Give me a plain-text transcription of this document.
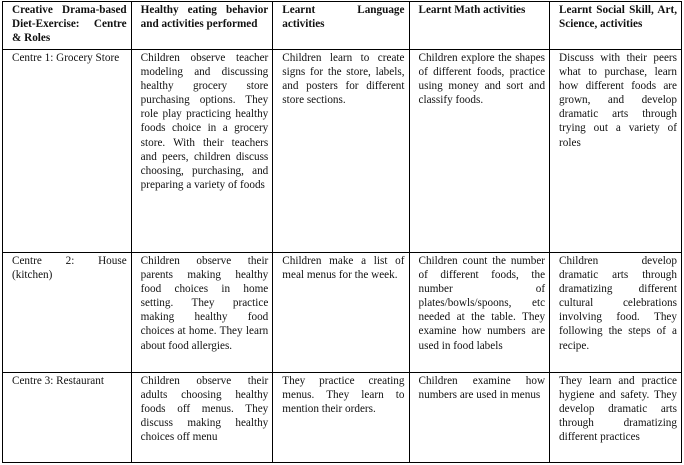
Creative Drama-based Diet-Exercise: Centre & Roles	Healthy eating behavior and activities performed	Learnt Language activities	Learnt Math activities	Learnt Social Skill, Art, Science, activities
Centre 1: Grocery Store	Children observe teacher modeling and discussing healthy grocery store purchasing options. They role play practicing healthy foods choice in a grocery store. With their teachers and peers, children discuss choosing, purchasing, and preparing a variety of foods	Children learn to create signs for the store, labels, and posters for different store sections.	Children explore the shapes of different foods, practice using money and sort and classify foods.	Discuss with their peers what to purchase, learn how different foods are grown, and develop dramatic arts through trying out a variety of roles
Centre 2: House (kitchen)	Children observe their parents making healthy food choices in home setting. They practice making healthy food choices at home. They learn about food allergies.	Children make a list of meal menus for the week.	Children count the number of different foods, the number of plates/bowls/spoons, etc needed at the table. They examine how numbers are used in food labels	Children develop dramatic arts through dramatizing different cultural celebrations involving food. They following the steps of a recipe.
Centre 3: Restaurant	Children observe their adults choosing healthy foods off menus. They discuss making healthy choices off menu	They practice creating menus. They learn to mention their orders.	Children examine how numbers are used in menus	They learn and practice hygiene and safety. They develop dramatic arts through dramatizing different practices
